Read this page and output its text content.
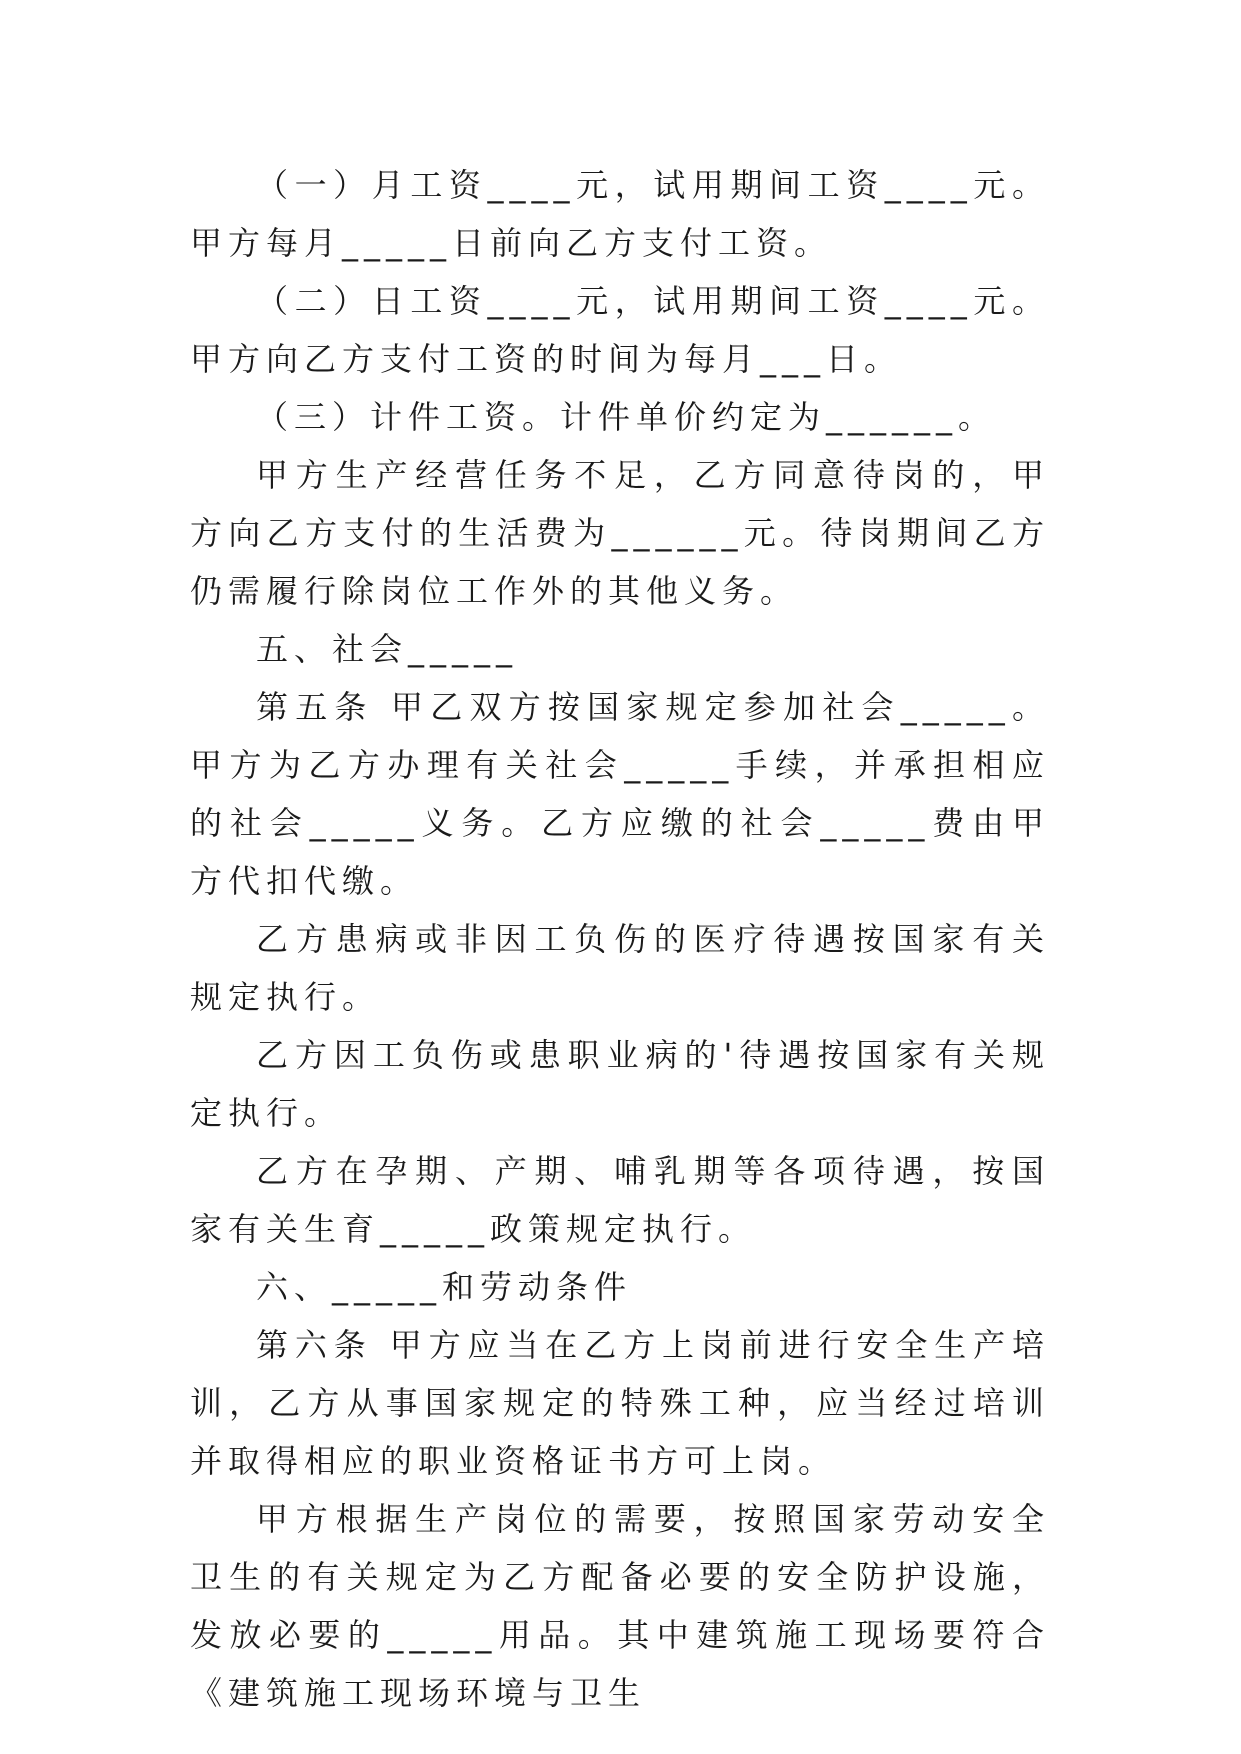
（一）月工资____元，试用期间工资____元。甲方每月_____日前向乙方支付工资。

（二）日工资____元，试用期间工资____元。甲方向乙方支付工资的时间为每月___日。

（三）计件工资。计件单价约定为______。

甲方生产经营任务不足，乙方同意待岗的，甲方向乙方支付的生活费为______元。待岗期间乙方仍需履行除岗位工作外的其他义务。

五、社会_____

第五条 甲乙双方按国家规定参加社会_____。甲方为乙方办理有关社会_____手续，并承担相应的社会_____义务。乙方应缴的社会_____费由甲方代扣代缴。

乙方患病或非因工负伤的医疗待遇按国家有关规定执行。

乙方因工负伤或患职业病的'待遇按国家有关规定执行。

乙方在孕期、产期、哺乳期等各项待遇，按国家有关生育_____政策规定执行。

六、_____和劳动条件

第六条 甲方应当在乙方上岗前进行安全生产培训，乙方从事国家规定的特殊工种，应当经过培训并取得相应的职业资格证书方可上岗。

甲方根据生产岗位的需要，按照国家劳动安全卫生的有关规定为乙方配备必要的安全防护设施，发放必要的_____用品。其中建筑施工现场要符合《建筑施工现场环境与卫生
